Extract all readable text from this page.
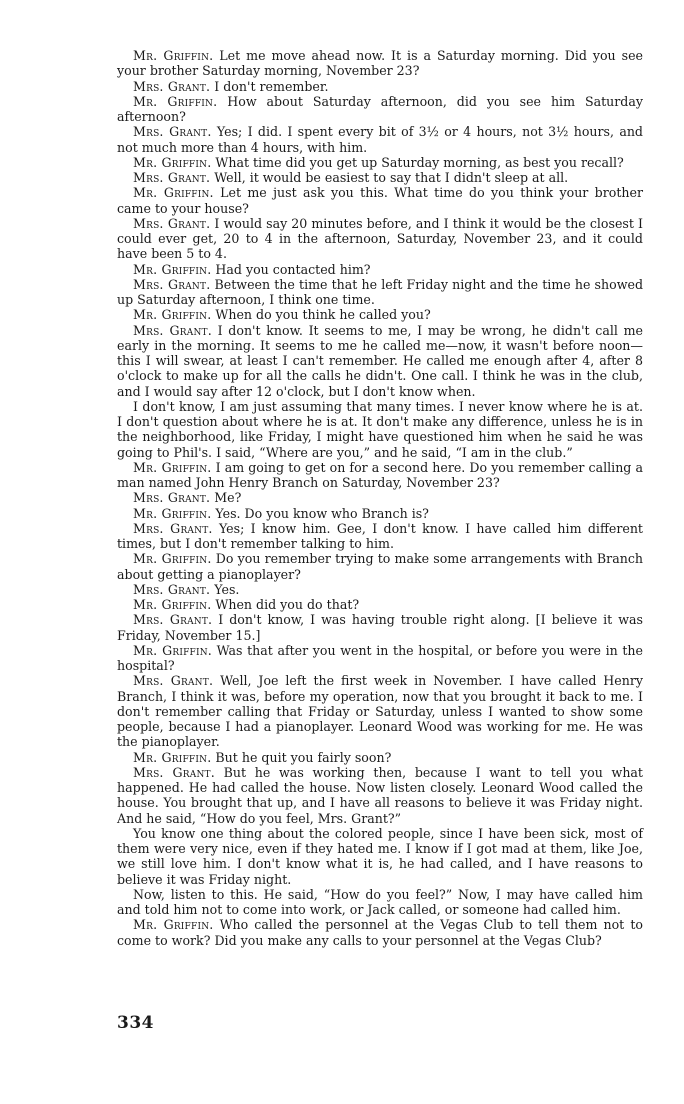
Mr. Griffin. Let me move ahead now. It is a Saturday morning. Did you see your brother Saturday morning, November 23?

Mrs. Grant. I don't remember.

Mr. Griffin. How about Saturday afternoon, did you see him Saturday afternoon?

Mrs. Grant. Yes; I did. I spent every bit of 3½ or 4 hours, not 3½ hours, and not much more than 4 hours, with him.

Mr. Griffin. What time did you get up Saturday morning, as best you recall?

Mrs. Grant. Well, it would be easiest to say that I didn't sleep at all.

Mr. Griffin. Let me just ask you this. What time do you think your brother came to your house?

Mrs. Grant. I would say 20 minutes before, and I think it would be the closest I could ever get, 20 to 4 in the afternoon, Saturday, November 23, and it could have been 5 to 4.

Mr. Griffin. Had you contacted him?

Mrs. Grant. Between the time that he left Friday night and the time he showed up Saturday afternoon, I think one time.

Mr. Griffin. When do you think he called you?

Mrs. Grant. I don't know. It seems to me, I may be wrong, he didn't call me early in the morning. It seems to me he called me—now, it wasn't before noon—this I will swear, at least I can't remember. He called me enough after 4, after 8 o'clock to make up for all the calls he didn't. One call. I think he was in the club, and I would say after 12 o'clock, but I don't know when.

I don't know, I am just assuming that many times. I never know where he is at. I don't question about where he is at. It don't make any difference, unless he is in the neighborhood, like Friday, I might have questioned him when he said he was going to Phil's. I said, “Where are you,” and he said, “I am in the club.”

Mr. Griffin. I am going to get on for a second here. Do you remember calling a man named John Henry Branch on Saturday, November 23?

Mrs. Grant. Me?

Mr. Griffin. Yes. Do you know who Branch is?

Mrs. Grant. Yes; I know him. Gee, I don't know. I have called him different times, but I don't remember talking to him.

Mr. Griffin. Do you remember trying to make some arrangements with Branch about getting a pianoplayer?

Mrs. Grant. Yes.

Mr. Griffin. When did you do that?

Mrs. Grant. I don't know, I was having trouble right along. [I believe it was Friday, November 15.]

Mr. Griffin. Was that after you went in the hospital, or before you were in the hospital?

Mrs. Grant. Well, Joe left the first week in November. I have called Henry Branch, I think it was, before my operation, now that you brought it back to me. I don't remember calling that Friday or Saturday, unless I wanted to show some people, because I had a pianoplayer. Leonard Wood was working for me. He was the pianoplayer.

Mr. Griffin. But he quit you fairly soon?

Mrs. Grant. But he was working then, because I want to tell you what happened. He had called the house. Now listen closely. Leonard Wood called the house. You brought that up, and I have all reasons to believe it was Friday night. And he said, “How do you feel, Mrs. Grant?”

You know one thing about the colored people, since I have been sick, most of them were very nice, even if they hated me. I know if I got mad at them, like Joe, we still love him. I don't know what it is, he had called, and I have reasons to believe it was Friday night.

Now, listen to this. He said, “How do you feel?” Now, I may have called him and told him not to come into work, or Jack called, or someone had called him.

Mr. Griffin. Who called the personnel at the Vegas Club to tell them not to come to work? Did you make any calls to your personnel at the Vegas Club?

334
